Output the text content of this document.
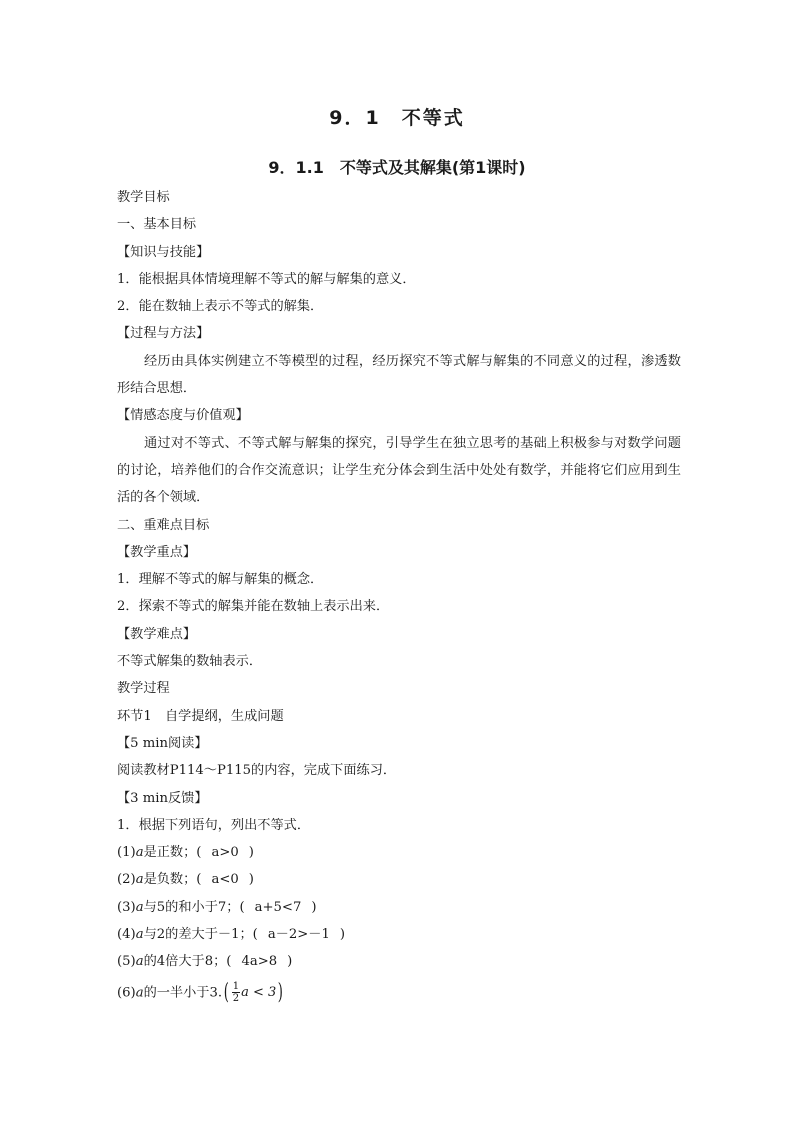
9．1　不等式
9．1.1　不等式及其解集(第1课时)
教学目标
一、基本目标
【知识与技能】
1．能根据具体情境理解不等式的解与解集的意义．
2．能在数轴上表示不等式的解集．
【过程与方法】
经历由具体实例建立不等模型的过程，经历探究不等式解与解集的不同意义的过程，渗透数形结合思想．
【情感态度与价值观】
通过对不等式、不等式解与解集的探究，引导学生在独立思考的基础上积极参与对数学问题的讨论，培养他们的合作交流意识；让学生充分体会到生活中处处有数学，并能将它们应用到生活的各个领域．
二、重难点目标
【教学重点】
1．理解不等式的解与解集的概念．
2．探索不等式的解集并能在数轴上表示出来．
【教学难点】
不等式解集的数轴表示．
教学过程
环节1　自学提纲，生成问题
【5 min阅读】
阅读教材P114～P115的内容，完成下面练习．
【3 min反馈】
1．根据下列语句，列出不等式．
(1)a是正数；( a>0 )
(2)a是负数；( a<0 )
(3)a与5的和小于7；( a+5<7 )
(4)a与2的差大于－1；( a－2>－1 )
(5)a的4倍大于8；( 4a>8 )
(6)a的一半小于3. ( $\frac{1}{2}$ a < 3 )
